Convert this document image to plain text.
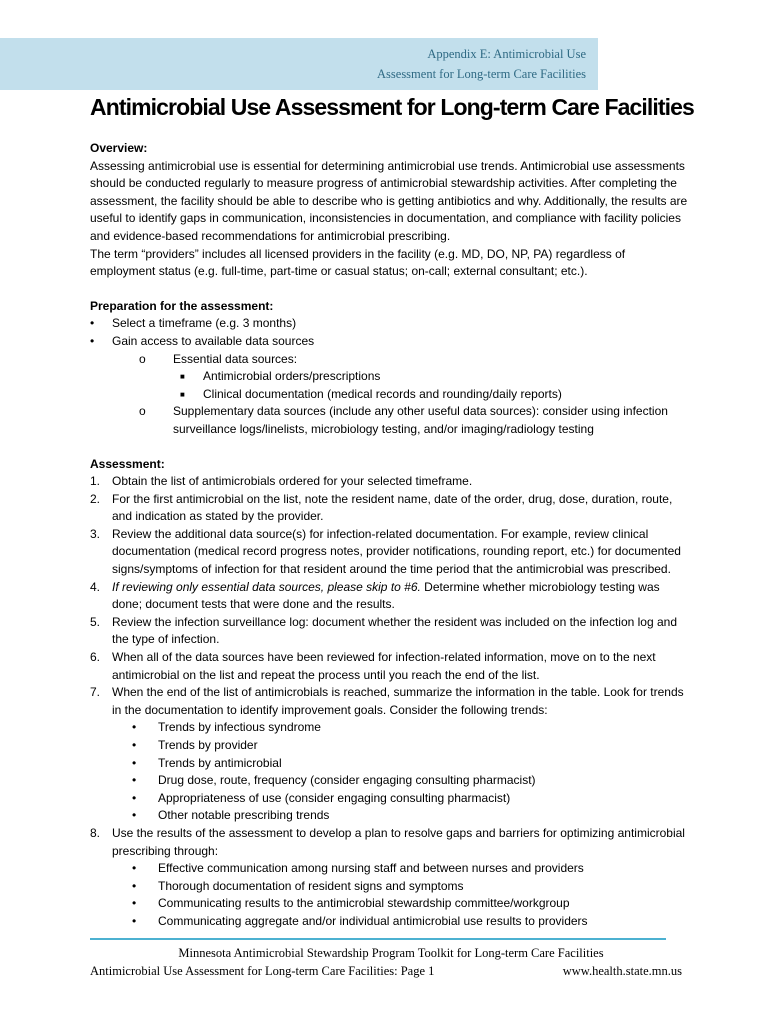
Appendix E: Antimicrobial Use
Assessment for Long-term Care Facilities
Antimicrobial Use Assessment for Long-term Care Facilities
Overview:
Assessing antimicrobial use is essential for determining antimicrobial use trends. Antimicrobial use assessments should be conducted regularly to measure progress of antimicrobial stewardship activities. After completing the assessment, the facility should be able to describe who is getting antibiotics and why. Additionally, the results are useful to identify gaps in communication, inconsistencies in documentation, and compliance with facility policies and evidence-based recommendations for antimicrobial prescribing.
The term “providers” includes all licensed providers in the facility (e.g. MD, DO, NP, PA) regardless of employment status (e.g. full-time, part-time or casual status; on-call; external consultant; etc.).
Preparation for the assessment:
• Select a timeframe (e.g. 3 months)
• Gain access to available data sources
o Essential data sources:
■ Antimicrobial orders/prescriptions
■ Clinical documentation (medical records and rounding/daily reports)
o Supplementary data sources (include any other useful data sources): consider using infection surveillance logs/linelists, microbiology testing, and/or imaging/radiology testing
Assessment:
1. Obtain the list of antimicrobials ordered for your selected timeframe.
2. For the first antimicrobial on the list, note the resident name, date of the order, drug, dose, duration, route, and indication as stated by the provider.
3. Review the additional data source(s) for infection-related documentation. For example, review clinical documentation (medical record progress notes, provider notifications, rounding report, etc.) for documented signs/symptoms of infection for that resident around the time period that the antimicrobial was prescribed.
4. If reviewing only essential data sources, please skip to #6. Determine whether microbiology testing was done; document tests that were done and the results.
5. Review the infection surveillance log: document whether the resident was included on the infection log and the type of infection.
6. When all of the data sources have been reviewed for infection-related information, move on to the next antimicrobial on the list and repeat the process until you reach the end of the list.
7. When the end of the list of antimicrobials is reached, summarize the information in the table. Look for trends in the documentation to identify improvement goals. Consider the following trends:
• Trends by infectious syndrome
• Trends by provider
• Trends by antimicrobial
• Drug dose, route, frequency (consider engaging consulting pharmacist)
• Appropriateness of use (consider engaging consulting pharmacist)
• Other notable prescribing trends
8. Use the results of the assessment to develop a plan to resolve gaps and barriers for optimizing antimicrobial prescribing through:
• Effective communication among nursing staff and between nurses and providers
• Thorough documentation of resident signs and symptoms
• Communicating results to the antimicrobial stewardship committee/workgroup
• Communicating aggregate and/or individual antimicrobial use results to providers
Minnesota Antimicrobial Stewardship Program Toolkit for Long-term Care Facilities
Antimicrobial Use Assessment for Long-term Care Facilities: Page 1	www.health.state.mn.us
